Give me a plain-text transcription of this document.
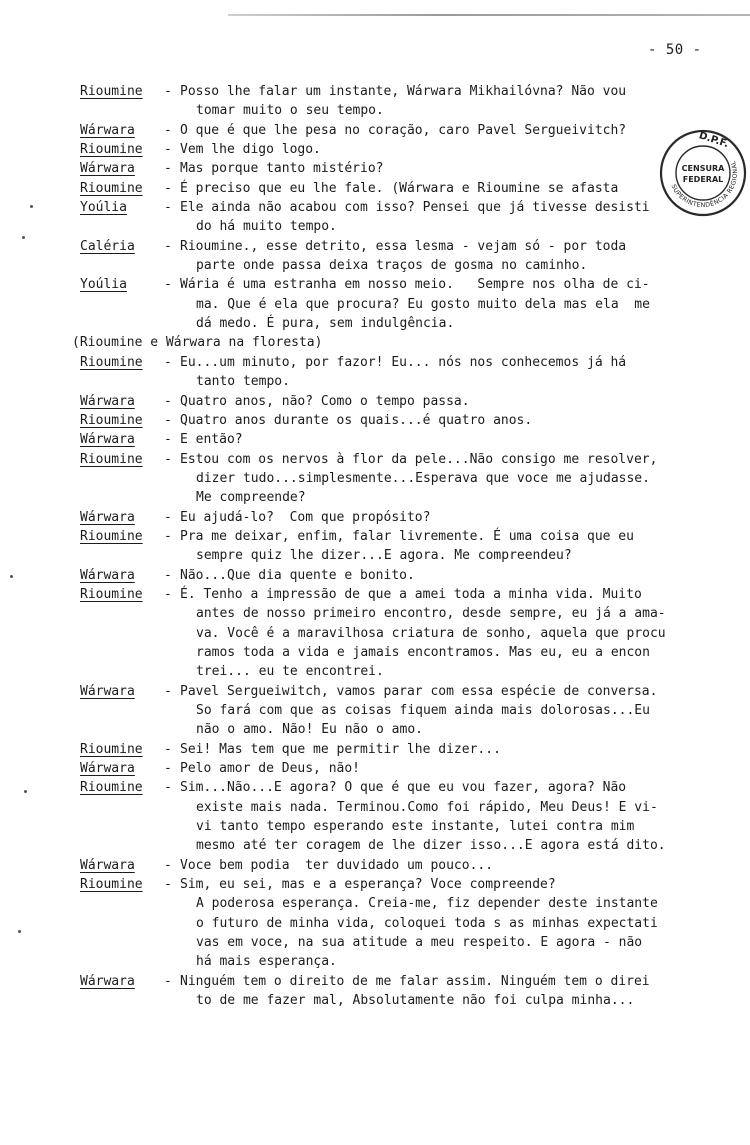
- 50 -
Rioumine - Posso lhe falar um instante, Wárwara Mikhailóvna? Não vou
tomar muito o seu tempo.
Wárwara - O que é que lhe pesa no coração, caro Pavel Sergueivitch?
Rioumine - Vem lhe digo logo.
Wárwara - Mas porque tanto mistério?
Rioumine - É preciso que eu lhe fale. (Wárwara e Rioumine se afasta
Yoúlia	- Ele ainda não acabou com isso? Pensei que já tivesse desisti
do há muito tempo.
Caléria - Rioumine., esse detrito, essa lesma - vejam só - por toda
parte onde passa deixa traços de gosma no caminho.
Yoúlia	- Wária é uma estranha em nosso meio.   Sempre nos olha de ci-
ma. Que é ela que procura? Eu gosto muito dela mas ela  me
dá medo. É pura, sem indulgência.
(Rioumine e Wárwara na floresta)
Rioumine - Eu...um minuto, por fazor! Eu... nós nos conhecemos já há
tanto tempo.
Wárwara - Quatro anos, não? Como o tempo passa.
Rioumine - Quatro anos durante os quais...é quatro anos.
Wárwara - E então?
Rioumine - Estou com os nervos à flor da pele...Não consigo me resolver,
dizer tudo...simplesmente...Esperava que voce me ajudasse.
Me compreende?
Wárwara - Eu ajudá-lo?  Com que propósito?
Rioumine - Pra me deixar, enfim, falar livremente. É uma coisa que eu
sempre quiz lhe dizer...E agora. Me compreendeu?
Wárwara - Não...Que dia quente e bonito.
Rioumine - É. Tenho a impressão de que a amei toda a minha vida. Muito
antes de nosso primeiro encontro, desde sempre, eu já a ama-
va. Você é a maravilhosa criatura de sonho, aquela que procu
ramos toda a vida e jamais encontramos. Mas eu, eu a encon
trei... eu te encontrei.
Wárwara - Pavel Sergueiwitch, vamos parar com essa espécie de conversa.
So fará com que as coisas fiquem ainda mais dolorosas...Eu
não o amo. Não! Eu não o amo.
Rioumine - Sei! Mas tem que me permitir lhe dizer...
Wárwara - Pelo amor de Deus, não!
Rioumine - Sim...Não...E agora? O que é que eu vou fazer, agora? Não
existe mais nada. Terminou.Como foi rápido, Meu Deus! E vi-
vi tanto tempo esperando este instante, lutei contra mim
mesmo até ter coragem de lhe dizer isso...E agora está dito.
Wárwara - Voce bem podia  ter duvidado um pouco...
Rioumine - Sim, eu sei, mas e a esperança? Voce compreende?
A poderosa esperança. Creia-me, fiz depender deste instante
o futuro de minha vida, coloquei toda s as minhas expectati
vas em voce, na sua atitude a meu respeito. E agora - não
há mais esperança.
Wárwara - Ninguém tem o direito de me falar assim. Ninguém tem o direi
to de me fazer mal, Absolutamente não foi culpa minha...
D.P.F.
CENSURA
FEDERAL
SUPERINTENDÊNCIA REGIONAL
